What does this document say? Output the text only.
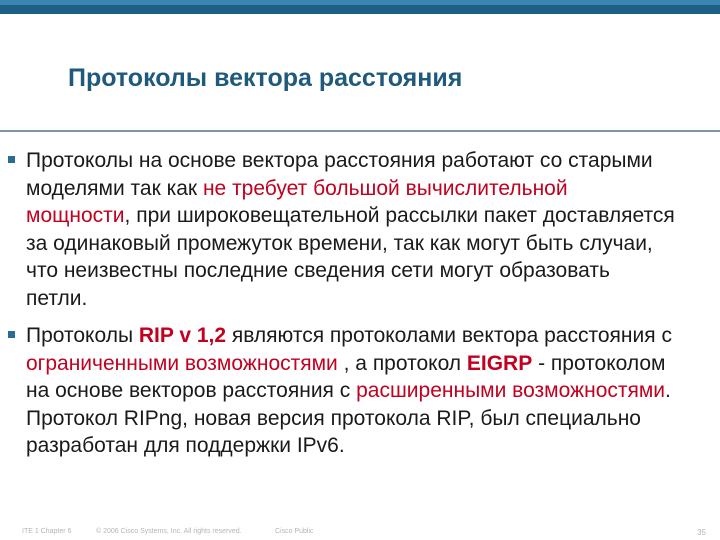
Протоколы вектора расстояния
Протоколы на основе вектора расстояния работают со старыми моделями так как не требует большой вычислительной мощности, при широковещательной рассылки пакет доставляется за одинаковый промежуток времени, так как могут быть случаи, что неизвестны последние сведения сети могут образовать петли.
Протоколы RIP v 1,2 являются протоколами вектора расстояния с ограниченными возможностями , а протокол EIGRP - протоколом на основе векторов расстояния с расширенными возможностями. Протокол RIPng, новая версия протокола RIP, был специально разработан для поддержки IPv6.
ITE 1 Chapter 6	© 2006 Cisco Systems, Inc. All rights reserved.	Cisco Public	35
